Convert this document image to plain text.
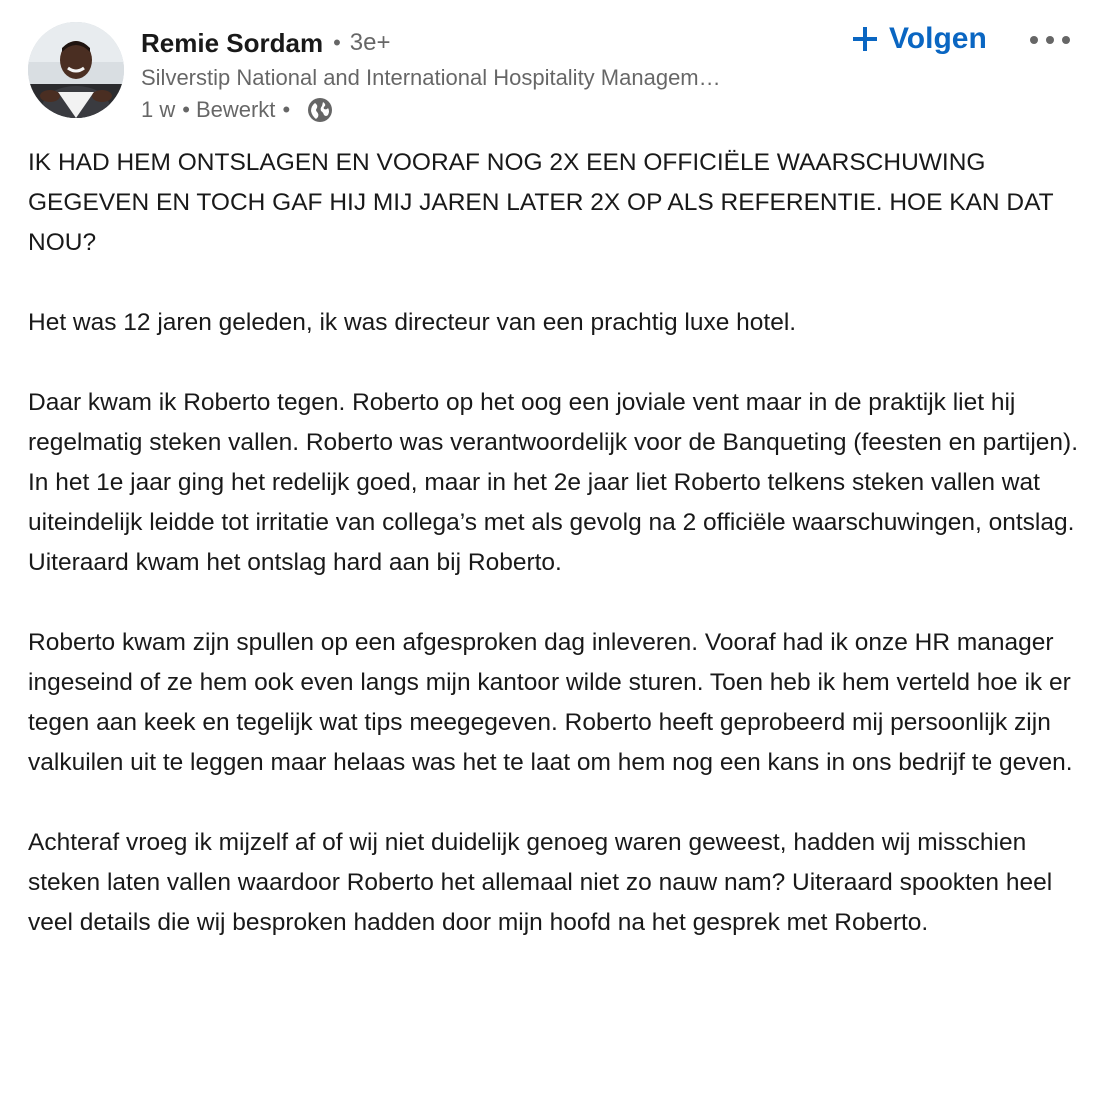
Remie Sordam • 3e+
Silverstip National and International Hospitality Managem…
1 w • Bewerkt •
Volgen

IK HAD HEM ONTSLAGEN EN VOORAF NOG 2X EEN OFFICIËLE WAARSCHUWING GEGEVEN EN TOCH GAF HIJ MIJ JAREN LATER 2X OP ALS REFERENTIE. HOE KAN DAT NOU?

Het was 12 jaren geleden, ik was directeur van een prachtig luxe hotel.

Daar kwam ik Roberto tegen. Roberto op het oog een joviale vent maar in de praktijk liet hij regelmatig steken vallen. Roberto was verantwoordelijk voor de Banqueting (feesten en partijen).

In het 1e jaar ging het redelijk goed, maar in het 2e jaar liet Roberto telkens steken vallen wat uiteindelijk leidde tot irritatie van collega’s met als gevolg na 2 officiële waarschuwingen, ontslag. Uiteraard kwam het ontslag hard aan bij Roberto.

Roberto kwam zijn spullen op een afgesproken dag inleveren. Vooraf had ik onze HR manager ingeseind of ze hem ook even langs mijn kantoor wilde sturen. Toen heb ik hem verteld hoe ik er tegen aan keek en tegelijk wat tips meegegeven. Roberto heeft geprobeerd mij persoonlijk zijn valkuilen uit te leggen maar helaas was het te laat om hem nog een kans in ons bedrijf te geven.

Achteraf vroeg ik mijzelf af of wij niet duidelijk genoeg waren geweest, hadden wij misschien steken laten vallen waardoor Roberto het allemaal niet zo nauw nam? Uiteraard spookten heel veel details die wij besproken hadden door mijn hoofd na het gesprek met Roberto.
